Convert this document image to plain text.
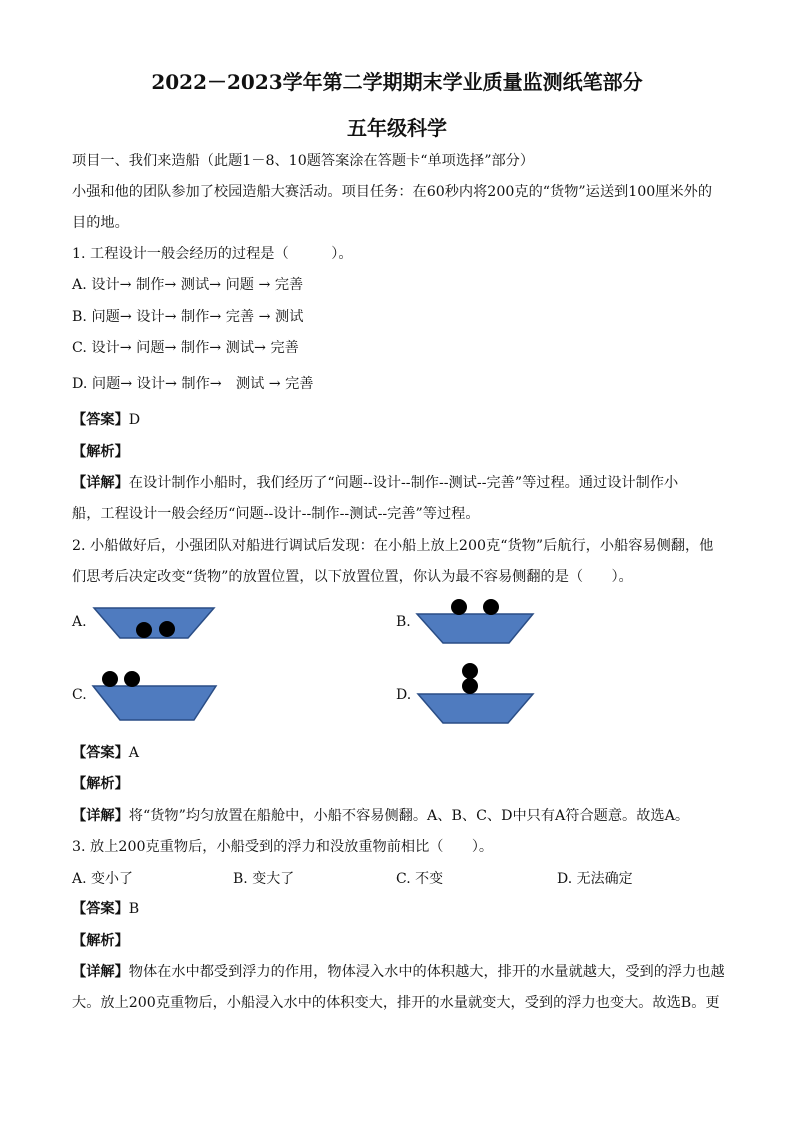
2022－2023学年第二学期期末学业质量监测纸笔部分
五年级科学
项目一、我们来造船（此题1－8、10题答案涂在答题卡“单项选择”部分）
小强和他的团队参加了校园造船大赛活动。项目任务：在60秒内将200克的“货物”运送到100厘米外的
目的地。
1. 工程设计一般会经历的过程是（　　　）。
A. 设计→ 制作→ 测试→ 问题 → 完善
B. 问题→ 设计→ 制作→ 完善 → 测试
C. 设计→ 问题→ 制作→ 测试→ 完善
D. 问题→ 设计→ 制作→　测试 → 完善
【答案】D
【解析】
【详解】在设计制作小船时，我们经历了“问题--设计--制作--测试--完善”等过程。通过设计制作小
船，工程设计一般会经历“问题--设计--制作--测试--完善”等过程。
2. 小船做好后，小强团队对船进行调试后发现：在小船上放上200克“货物”后航行，小船容易侧翻，他
们思考后决定改变“货物”的放置位置，以下放置位置，你认为最不容易侧翻的是（　　）。
A.	B.
C.	D.
【答案】A
【解析】
【详解】将“货物”均匀放置在船舱中，小船不容易侧翻。A、B、C、D中只有A符合题意。故选A。
3. 放上200克重物后，小船受到的浮力和没放重物前相比（　　）。
A. 变小了	B. 变大了	C. 不变	D. 无法确定
【答案】B
【解析】
【详解】物体在水中都受到浮力的作用，物体浸入水中的体积越大，排开的水量就越大，受到的浮力也越
大。放上200克重物后，小船浸入水中的体积变大，排开的水量就变大，受到的浮力也变大。故选B。更
